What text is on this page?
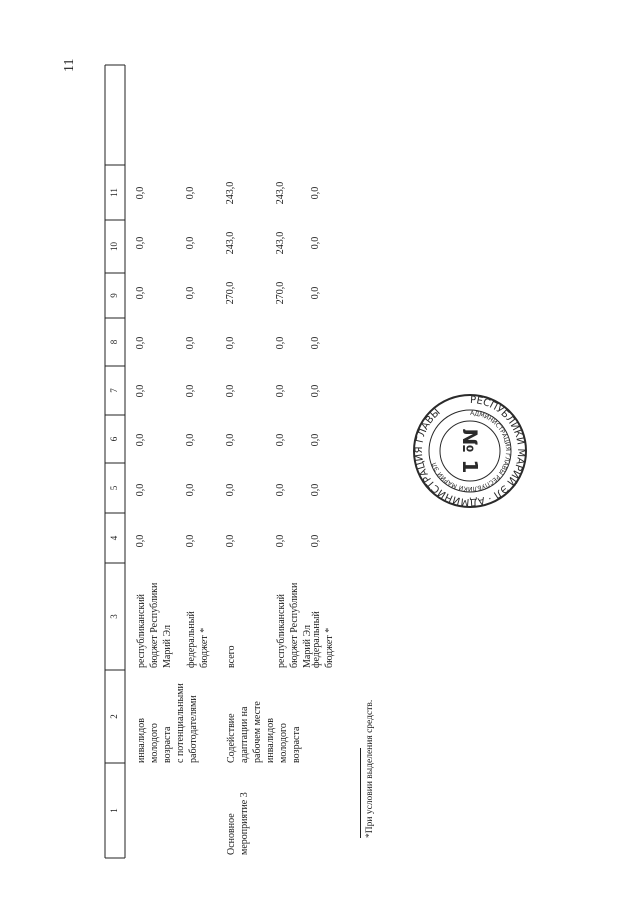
11
1
2
3
4
5
6
7
8
9
10
11
инвалидов
молодого
возраста
с потенциальными
работодателями
республиканский
бюджет Республики
Марий Эл
0,0
0,0
0,0
0,0
0,0
0,0
0,0
0,0
федеральный
бюджет *
0,0
0,0
0,0
0,0
0,0
0,0
0,0
0,0
Основное
мероприятие 3
Содействие
адаптации на
рабочем месте
инвалидов
молодого
возраста
всего
0,0
0,0
0,0
0,0
0,0
270,0
243,0
243,0
республиканский
бюджет Республики
Марий Эл
0,0
0,0
0,0
0,0
0,0
270,0
243,0
243,0
федеральный
бюджет *
0,0
0,0
0,0
0,0
0,0
0,0
0,0
0,0
*При условии выделения средств.
РЕСПУБЛИКИ МАРИЙ ЭЛ · АДМИНИСТРАЦИЯ ГЛАВЫ	АДМИНИСТРАЦИЯ ГЛАВЫ РЕСПУБЛИКИ МАРИЙ ЭЛ № 1
